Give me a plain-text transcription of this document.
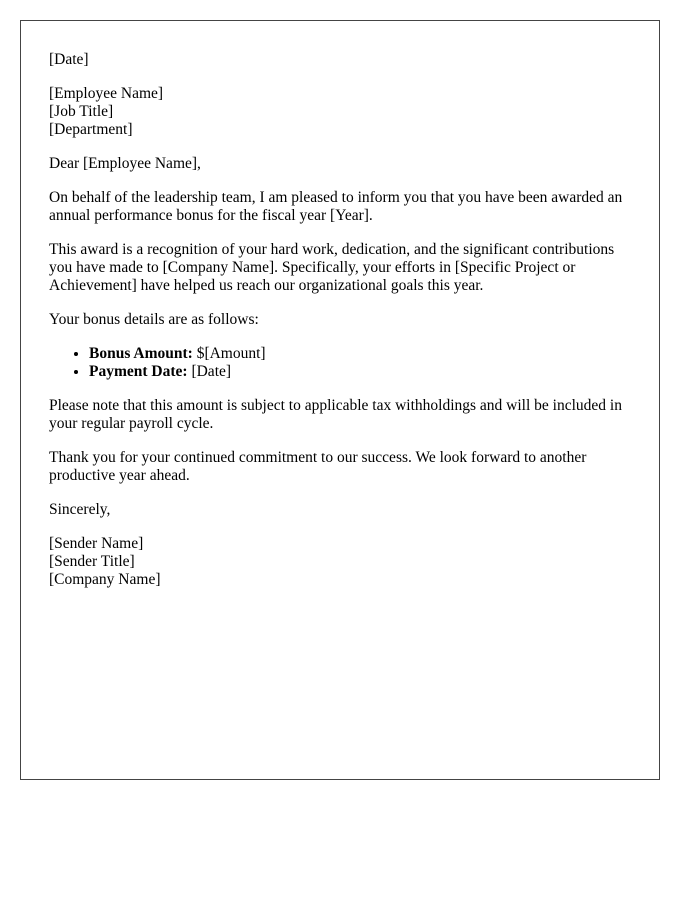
[Date]

[Employee Name]
[Job Title]
[Department]

Dear [Employee Name],

On behalf of the leadership team, I am pleased to inform you that you have been awarded an annual performance bonus for the fiscal year [Year].

This award is a recognition of your hard work, dedication, and the significant contributions you have made to [Company Name]. Specifically, your efforts in [Specific Project or Achievement] have helped us reach our organizational goals this year.

Your bonus details are as follows:

• Bonus Amount: $[Amount]
• Payment Date: [Date]

Please note that this amount is subject to applicable tax withholdings and will be included in your regular payroll cycle.

Thank you for your continued commitment to our success. We look forward to another productive year ahead.

Sincerely,

[Sender Name]
[Sender Title]
[Company Name]
